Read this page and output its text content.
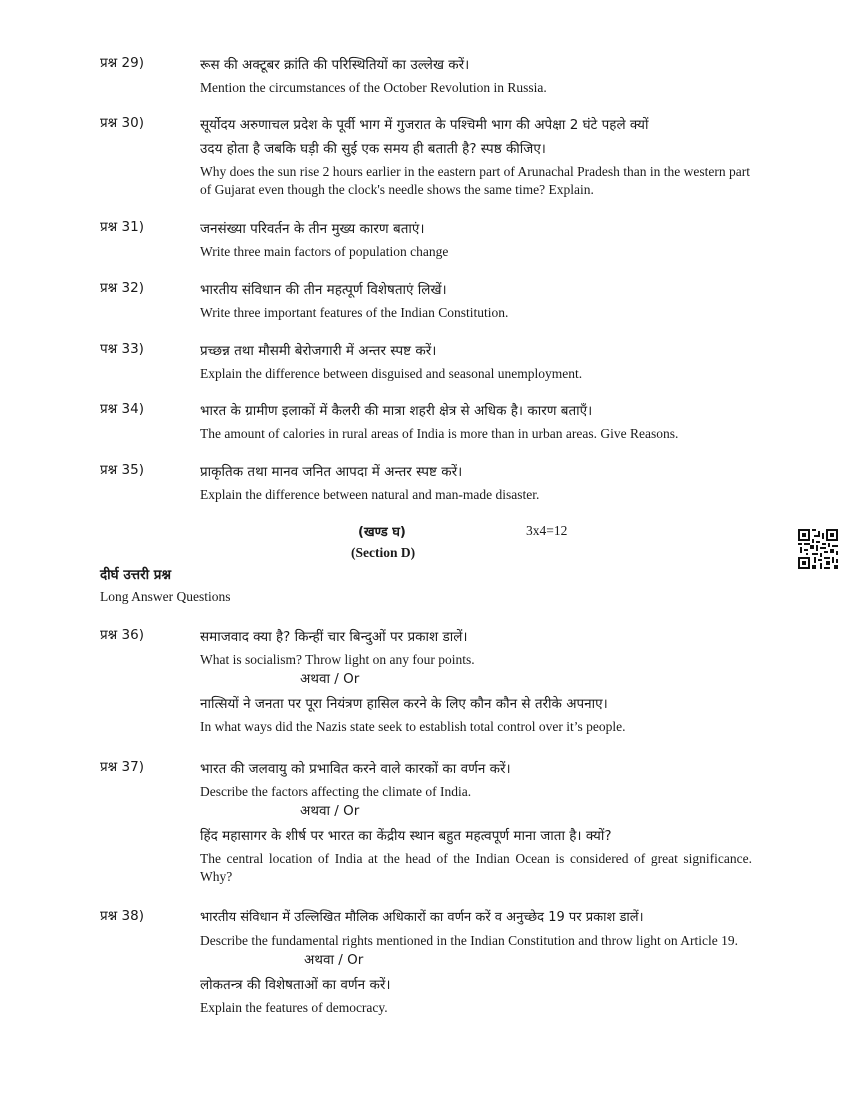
प्रश्न 29)	रूस की अक्टूबर क्रांति की परिस्थितियों का उल्लेख करें।
Mention the circumstances of the October Revolution in Russia.
प्रश्न 30)	सूर्योदय अरुणाचल प्रदेश के पूर्वी भाग में गुजरात के पश्चिमी भाग की अपेक्षा 2 घंटे पहले क्यों
उदय होता है जबकि घड़ी की सुई एक समय ही बताती है? स्पष्ठ कीजिए।
Why does the sun rise 2 hours earlier in the eastern part of Arunachal Pradesh than in the western part of Gujarat even though the clock's needle shows the same time? Explain.
प्रश्न 31)	जनसंख्या परिवर्तन के तीन मुख्य कारण बताएं।
Write three main factors of population change
प्रश्न 32)	भारतीय संविधान की तीन महत्पूर्ण विशेषताएं लिखें।
Write three important features of the Indian Constitution.
पश्न 33)	प्रच्छन्न तथा मौसमी बेरोजगारी में अन्तर स्पष्ट करें।
Explain the difference between disguised and seasonal unemployment.
प्रश्न 34)	भारत के ग्रामीण इलाकों में कैलरी की मात्रा शहरी क्षेत्र से अधिक है। कारण बताएँ।
The amount of calories in rural areas of India is more than in urban areas. Give Reasons.
प्रश्न 35)	प्राकृतिक तथा मानव जनित आपदा में अन्तर स्पष्ट करें।
Explain the difference between natural and man-made disaster.
(खण्ड घ)	3x4=12
(Section D)
दीर्घ उत्तरी प्रश्न
Long Answer Questions
प्रश्न 36)	समाजवाद क्या है? किन्हीं चार बिन्दुओं पर प्रकाश डालें।
What is socialism? Throw light on any four points.
अथवा / Or
नात्सियों ने जनता पर पूरा नियंत्रण हासिल करने के लिए कौन कौन से तरीके अपनाए।
In what ways did the Nazis state seek to establish total control over it’s people.
प्रश्न 37)	भारत की जलवायु को प्रभावित करने वाले कारकों का वर्णन करें।
Describe the factors affecting the climate of India.
अथवा / Or
हिंद महासागर के शीर्ष पर भारत का केंद्रीय स्थान बहुत महत्वपूर्ण माना जाता है। क्यों?
The central location of India at the head of the Indian Ocean is considered of great significance. Why?
प्रश्न 38)	भारतीय संविधान में उल्लिखित मौलिक अधिकारों का वर्णन करें व अनुच्छेद 19 पर प्रकाश डालें।
Describe the fundamental rights mentioned in the Indian Constitution and throw light on Article 19.
अथवा / Or
लोकतन्त्र की विशेषताओं का वर्णन करें।
Explain the features of democracy.
